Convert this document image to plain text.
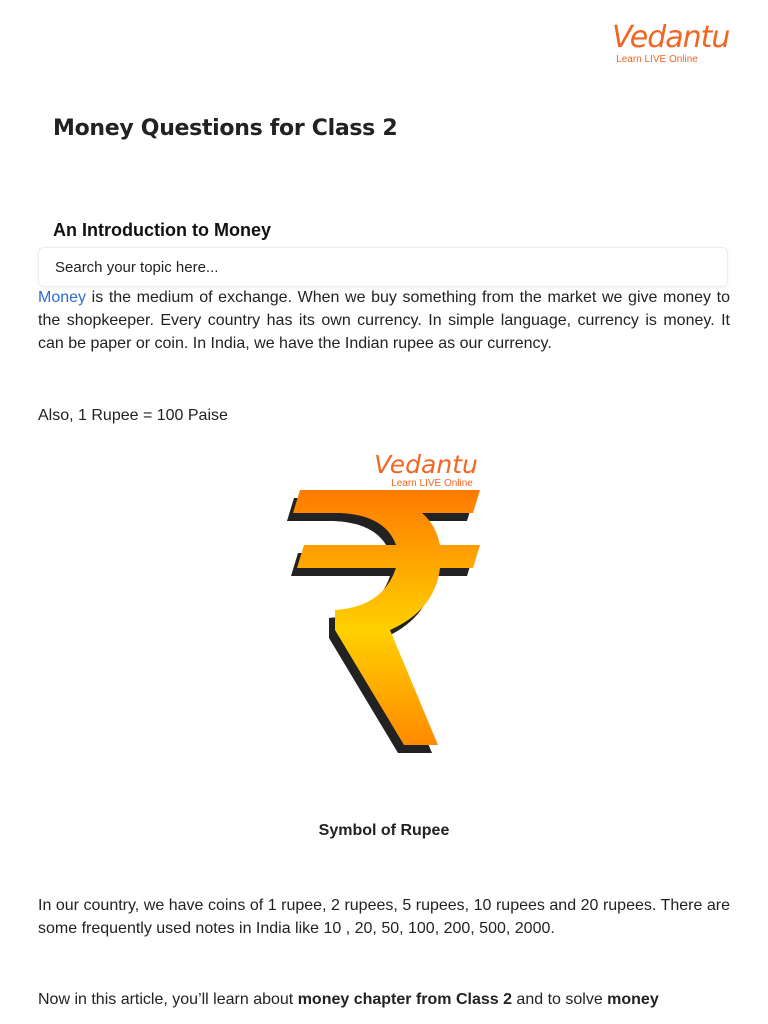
Vedantu
Learn LIVE Online
Money Questions for Class 2
An Introduction to Money
Search your topic here...

Money is the medium of exchange. When we buy something from the market we give money to the shopkeeper. Every country has its own currency. In simple language, currency is money. It can be paper or coin. In India, we have the Indian rupee as our currency.

Also, 1 Rupee = 100 Paise

Vedantu
Learn LIVE Online
Symbol of Rupee

In our country, we have coins of 1 rupee, 2 rupees, 5 rupees, 10 rupees and 20 rupees. There are some frequently used notes in India like 10 , 20, 50, 100, 200, 500, 2000.

Now in this article, you’ll learn about money chapter from Class 2 and to solve money
